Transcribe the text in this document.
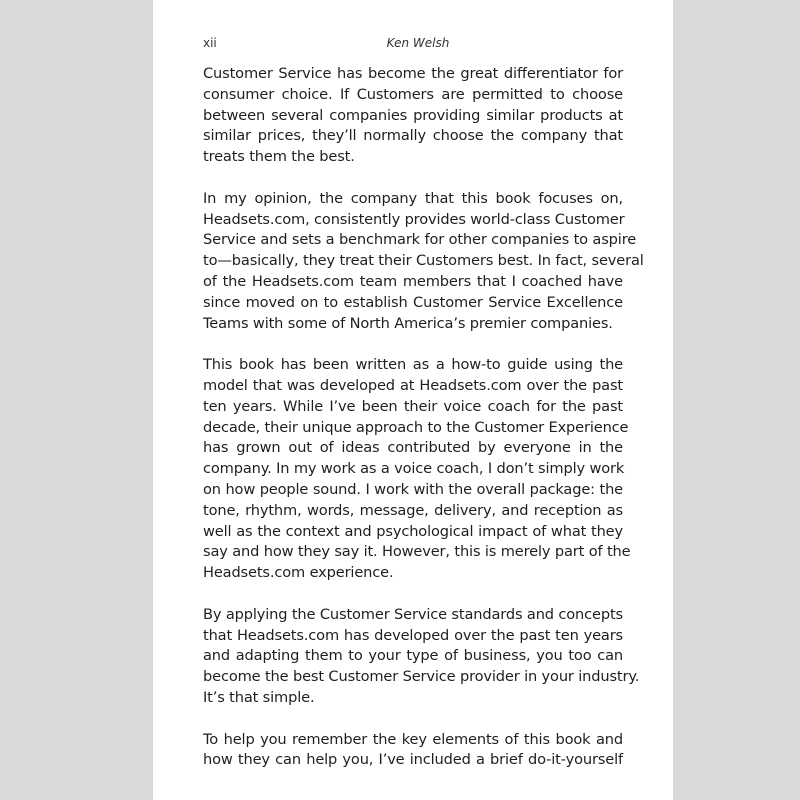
xii	Ken Welsh

Customer Service has become the great differentiator for
consumer choice. If Customers are permitted to choose
between several companies providing similar products at
similar prices, they’ll normally choose the company that
treats them the best.

In my opinion, the company that this book focuses on,
Headsets.com, consistently provides world-class Customer
Service and sets a benchmark for other companies to aspire
to—basically, they treat their Customers best. In fact, several
of the Headsets.com team members that I coached have
since moved on to establish Customer Service Excellence
Teams with some of North America’s premier companies.

This book has been written as a how-to guide using the
model that was developed at Headsets.com over the past
ten years. While I’ve been their voice coach for the past
decade, their unique approach to the Customer Experience
has grown out of ideas contributed by everyone in the
company. In my work as a voice coach, I don’t simply work
on how people sound. I work with the overall package: the
tone, rhythm, words, message, delivery, and reception as
well as the context and psychological impact of what they
say and how they say it. However, this is merely part of the
Headsets.com experience.

By applying the Customer Service standards and concepts
that Headsets.com has developed over the past ten years
and adapting them to your type of business, you too can
become the best Customer Service provider in your industry.
It’s that simple.

To help you remember the key elements of this book and
how they can help you, I’ve included a brief do-it-yourself
